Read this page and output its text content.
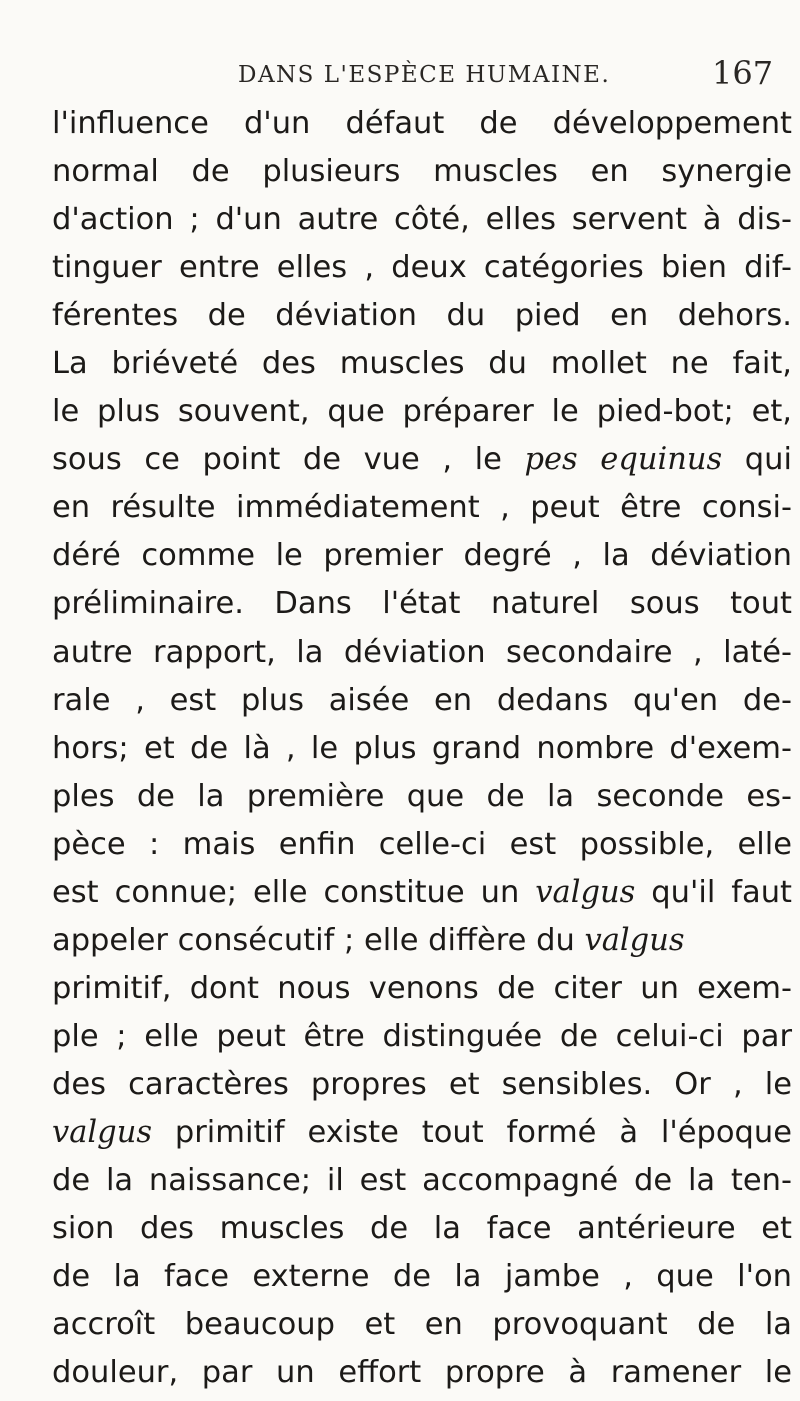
DANS L'ESPÈCE HUMAINE.	167
l'influence d'un défaut de développement
normal de plusieurs muscles en synergie
d'action ; d'un autre côté, elles servent à dis-
tinguer entre elles , deux catégories bien dif-
férentes de déviation du pied en dehors.
La briéveté des muscles du mollet ne fait,
le plus souvent, que préparer le pied-bot; et,
sous ce point de vue , le pes equinus qui
en résulte immédiatement , peut être consi-
déré comme le premier degré , la déviation
préliminaire. Dans l'état naturel sous tout
autre rapport, la déviation secondaire , laté-
rale , est plus aisée en dedans qu'en de-
hors; et de là , le plus grand nombre d'exem-
ples de la première que de la seconde es-
pèce : mais enfin celle-ci est possible, elle
est connue; elle constitue un valgus qu'il faut
appeler consécutif ; elle diffère du valgus
primitif, dont nous venons de citer un exem-
ple ; elle peut être distinguée de celui-ci par
des caractères propres et sensibles. Or , le
valgus primitif existe tout formé à l'époque
de la naissance; il est accompagné de la ten-
sion des muscles de la face antérieure et
de la face externe de la jambe , que l'on
accroît beaucoup et en provoquant de la
douleur, par un effort propre à ramener le
